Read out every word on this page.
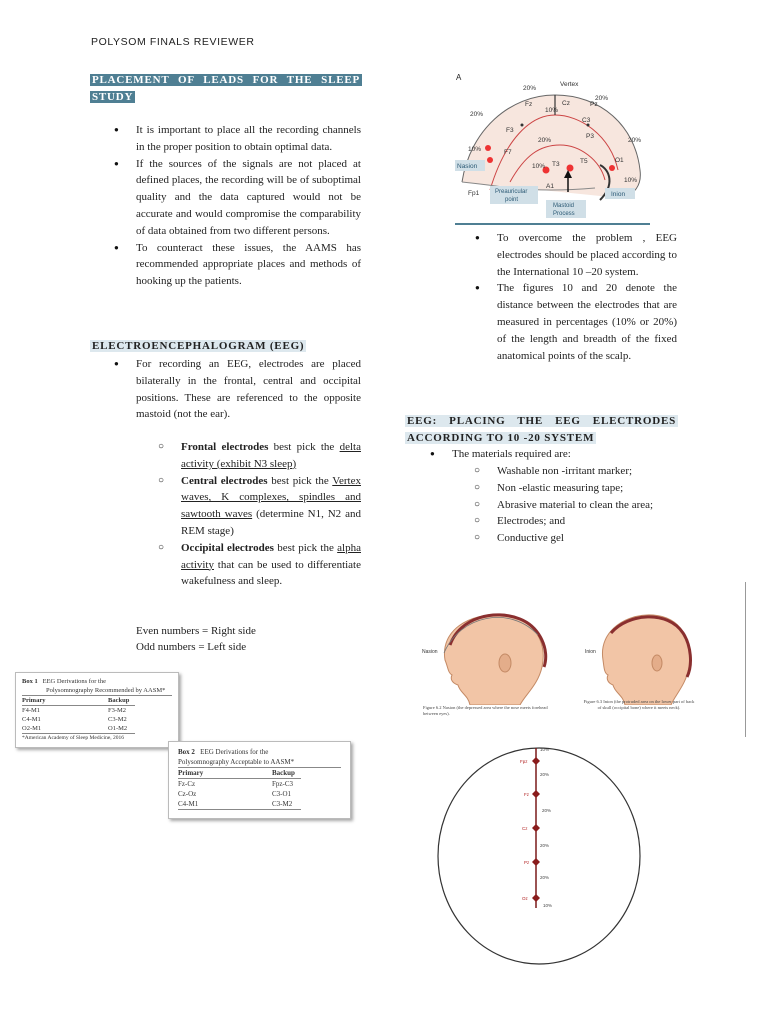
POLYSOM FINALS REVIEWER
PLACEMENT OF LEADS FOR THE SLEEP
STUDY
● It is important to place all the recording channels in the proper position to obtain optimal data.
● If the sources of the signals are not placed at defined places, the recording will be of suboptimal quality and the data captured would not be accurate and would compromise the comparability of data obtained from two different persons.
● To counteract these issues, the AAMS has recommended appropriate places and methods of hooking up the patients.
ELECTROENCEPHALOGRAM (EEG)
● For recording an EEG, electrodes are placed bilaterally in the frontal, central and occipital positions. These are referenced to the opposite mastoid (not the ear).
○ Frontal electrodes best pick the delta activity (exhibit N3 sleep)
○ Central electrodes best pick the Vertex waves, K complexes, spindles and sawtooth waves (determine N1, N2 and REM stage)
○ Occipital electrodes best pick the alpha activity that can be used to differentiate wakefulness and sleep.
Even numbers = Right side
Odd numbers = Left side
Box 1 EEG Derivations for the
Polysomnography Recommended by AASM*
Primary	Backup
F4-M1	F3-M2
C4-M1	C3-M2
O2-M1	O1-M2
*American Academy of Sleep Medicine, 2016
Box 2 EEG Derivations for the
Polysomnography Acceptable to AASM*
Primary	Backup
Fz-Cz	Fpz-C3
Cz-Oz	C3-O1
C4-M1	C3-M2
A
Vertex
20%
20%
20%
20%	20%
10%
10%
10%
Cz
Fz	Pz
F3
F7
T3	T5	O1
C3
P3
Fp1
A1
10%
Nasion
Inion
Preauricular
point
Mastoid
Process
● To overcome the problem , EEG electrodes should be placed according to the International 10 –20 system.
● The figures 10 and 20 denote the distance between the electrodes that are measured in percentages (10% or 20%) of the length and breadth of the fixed anatomical points of the scalp.
EEG: PLACING THE EEG ELECTRODES
ACCORDING TO 10 -20 SYSTEM
● The materials required are:
○ Washable non -irritant marker;
○ Non -elastic measuring tape;
○ Abrasive material to clean the area;
○ Electrodes; and
○ Conductive gel
Nasion
Figure 6.2 Nasion (the depressed area where the nose meets forehead between eyes).
Inion
Figure 6.3 Inion (the protruded area on the lower part of back of skull (occipital bone) where it meets neck).
Fpz
Fz
Cz
Pz
Oz
10%
20%
20%
20%
20%
10%
